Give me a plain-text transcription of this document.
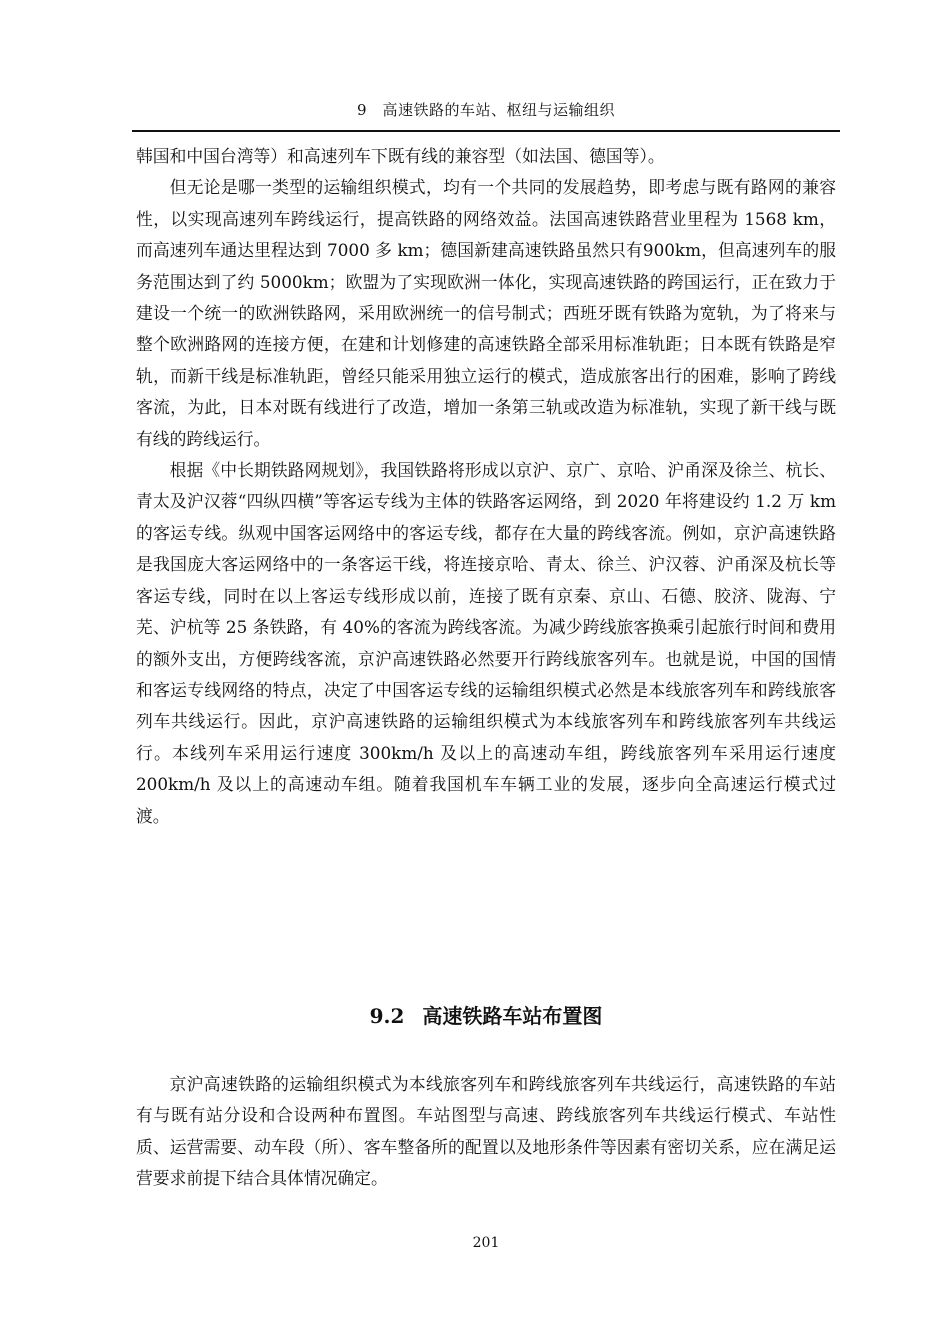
9　高速铁路的车站、枢纽与运输组织

韩国和中国台湾等）和高速列车下既有线的兼容型（如法国、德国等）。

但无论是哪一类型的运输组织模式，均有一个共同的发展趋势，即考虑与既有路网的兼容性，以实现高速列车跨线运行，提高铁路的网络效益。法国高速铁路营业里程为 1568 km，而高速列车通达里程达到 7000 多 km；德国新建高速铁路虽然只有900km，但高速列车的服务范围达到了约 5000km；欧盟为了实现欧洲一体化，实现高速铁路的跨国运行，正在致力于建设一个统一的欧洲铁路网，采用欧洲统一的信号制式；西班牙既有铁路为宽轨，为了将来与整个欧洲路网的连接方便，在建和计划修建的高速铁路全部采用标准轨距；日本既有铁路是窄轨，而新干线是标准轨距，曾经只能采用独立运行的模式，造成旅客出行的困难，影响了跨线客流，为此，日本对既有线进行了改造，增加一条第三轨或改造为标准轨，实现了新干线与既有线的跨线运行。

根据《中长期铁路网规划》，我国铁路将形成以京沪、京广、京哈、沪甬深及徐兰、杭长、青太及沪汉蓉“四纵四横”等客运专线为主体的铁路客运网络，到 2020 年将建设约 1.2 万 km 的客运专线。纵观中国客运网络中的客运专线，都存在大量的跨线客流。例如，京沪高速铁路是我国庞大客运网络中的一条客运干线，将连接京哈、青太、徐兰、沪汉蓉、沪甬深及杭长等客运专线，同时在以上客运专线形成以前，连接了既有京秦、京山、石德、胶济、陇海、宁芜、沪杭等 25 条铁路，有 40%的客流为跨线客流。为减少跨线旅客换乘引起旅行时间和费用的额外支出，方便跨线客流，京沪高速铁路必然要开行跨线旅客列车。也就是说，中国的国情和客运专线网络的特点，决定了中国客运专线的运输组织模式必然是本线旅客列车和跨线旅客列车共线运行。因此，京沪高速铁路的运输组织模式为本线旅客列车和跨线旅客列车共线运行。本线列车采用运行速度 300km/h 及以上的高速动车组，跨线旅客列车采用运行速度200km/h 及以上的高速动车组。随着我国机车车辆工业的发展，逐步向全高速运行模式过渡。

9.2 高速铁路车站布置图

京沪高速铁路的运输组织模式为本线旅客列车和跨线旅客列车共线运行，高速铁路的车站有与既有站分设和合设两种布置图。车站图型与高速、跨线旅客列车共线运行模式、车站性质、运营需要、动车段（所）、客车整备所的配置以及地形条件等因素有密切关系，应在满足运营要求前提下结合具体情况确定。

201
